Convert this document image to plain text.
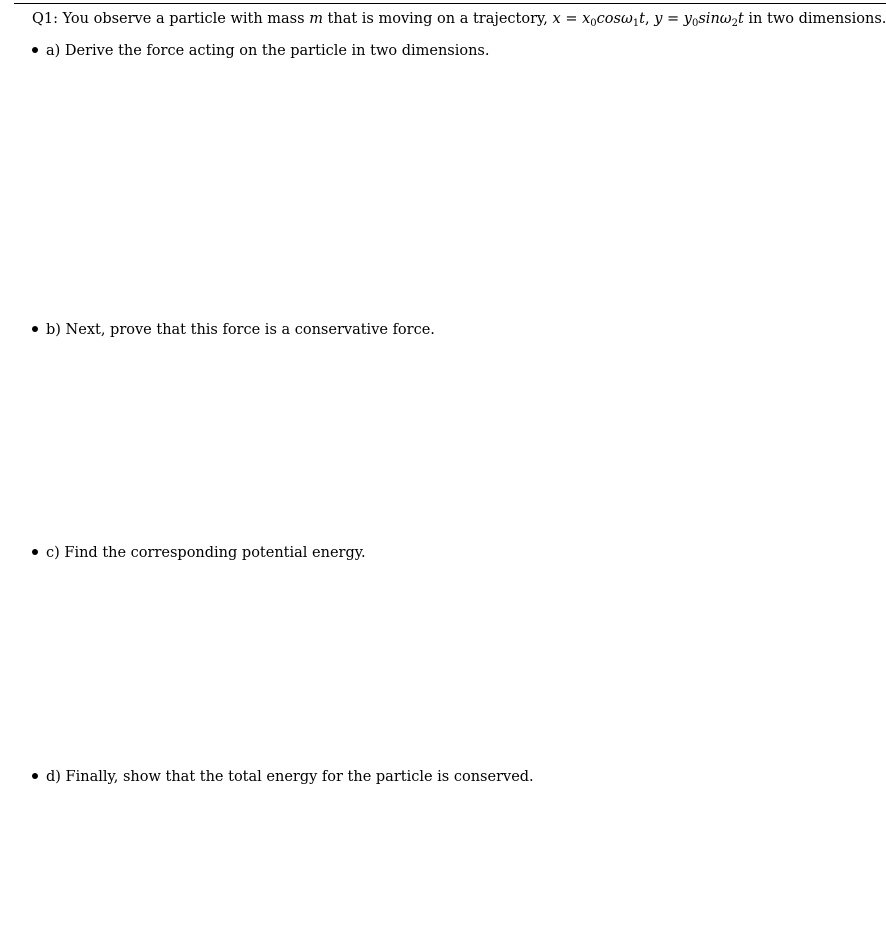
Q1: You observe a particle with mass m that is moving on a trajectory, $x = x_0\cos\omega_1t$, $y = y_0\sin\omega_2t$ in two dimensions.
a) Derive the force acting on the particle in two dimensions.
b) Next, prove that this force is a conservative force.
c) Find the corresponding potential energy.
d) Finally, show that the total energy for the particle is conserved.
